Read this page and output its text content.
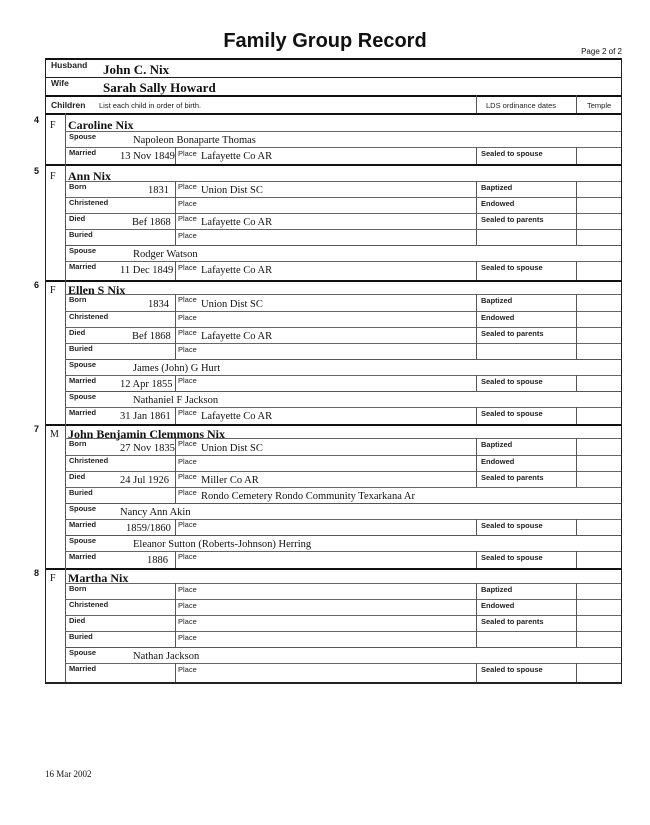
Family Group Record	Page 2 of 2
Husband John C. Nix
Wife	Sarah Sally Howard
Children List each child in order of birth.	LDS ordinance dates	Temple
4 F Caroline Nix
Spouse	Napoleon Bonaparte Thomas
Married 13 Nov 1849 Place Lafayette Co AR	Sealed to spouse
5 F Ann Nix
Born	1831 Place Union Dist SC	Baptized
Christened	Place	Endowed
Died	Bef 1868 Place Lafayette Co AR	Sealed to parents
Buried	Place
Spouse	Rodger Watson
Married 11 Dec 1849 Place Lafayette Co AR	Sealed to spouse
6 F Ellen S Nix
Born	1834 Place Union Dist SC	Baptized
Christened	Place	Endowed
Died	Bef 1868 Place Lafayette Co AR	Sealed to parents
Buried	Place
Spouse	James (John) G Hurt
Married 12 Apr 1855 Place	Sealed to spouse
Spouse	Nathaniel F Jackson
Married 31 Jan 1861 Place Lafayette Co AR	Sealed to spouse
7 M John Benjamin Clemmons Nix
Born	27 Nov 1835 Place Union Dist SC	Baptized
Christened	Place	Endowed
Died	24 Jul 1926 Place Miller Co AR	Sealed to parents
Buried	Place Rondo Cemetery Rondo Community Texarkana Ar
Spouse Nancy Ann Akin
Married	1859/1860 Place	Sealed to spouse
Spouse	Eleanor Sutton (Roberts-Johnson) Herring
Married	1886 Place	Sealed to spouse
8 F Martha Nix
Born	Place	Baptized
Christened	Place	Endowed
Died	Place	Sealed to parents
Buried	Place
Spouse	Nathan Jackson
Married	Place	Sealed to spouse
16 Mar 2002
